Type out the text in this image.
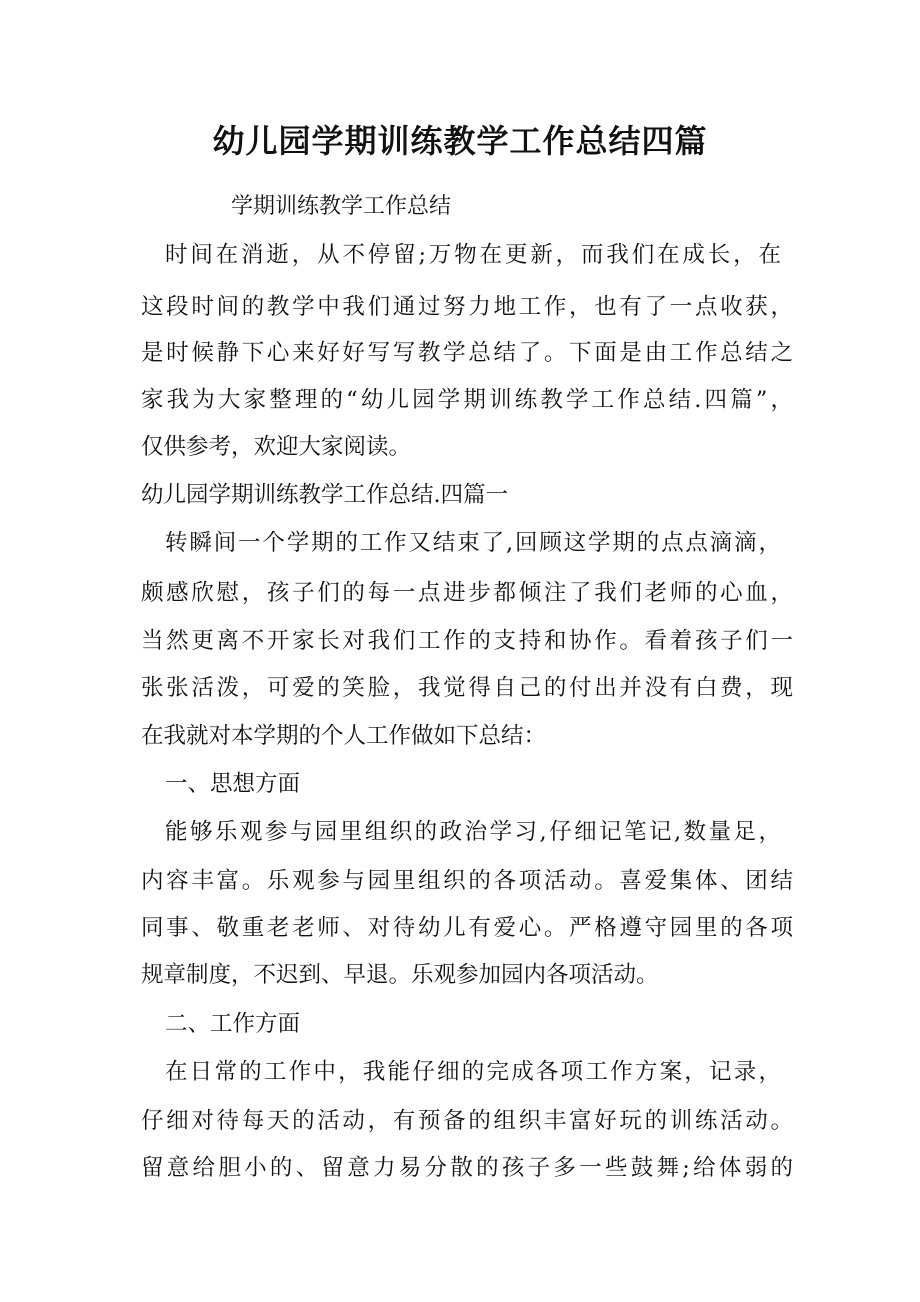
幼儿园学期训练教学工作总结四篇

学期训练教学工作总结

时间在消逝，从不停留;万物在更新，而我们在成长，在

这段时间的教学中我们通过努力地工作，也有了一点收获，

是时候静下心来好好写写教学总结了。下面是由工作总结之

家我为大家整理的“幼儿园学期训练教学工作总结.四篇”，

仅供参考，欢迎大家阅读。

幼儿园学期训练教学工作总结.四篇一

转瞬间一个学期的工作又结束了,回顾这学期的点点滴滴，

颇感欣慰，孩子们的每一点进步都倾注了我们老师的心血，

当然更离不开家长对我们工作的支持和协作。看着孩子们一

张张活泼，可爱的笑脸，我觉得自己的付出并没有白费，现

在我就对本学期的个人工作做如下总结：

一、思想方面

能够乐观参与园里组织的政治学习,仔细记笔记,数量足，

内容丰富。乐观参与园里组织的各项活动。喜爱集体、团结

同事、敬重老老师、对待幼儿有爱心。严格遵守园里的各项

规章制度，不迟到、早退。乐观参加园内各项活动。

二、工作方面

在日常的工作中，我能仔细的完成各项工作方案，记录，

仔细对待每天的活动，有预备的组织丰富好玩的训练活动。

留意给胆小的、留意力易分散的孩子多一些鼓舞;给体弱的
